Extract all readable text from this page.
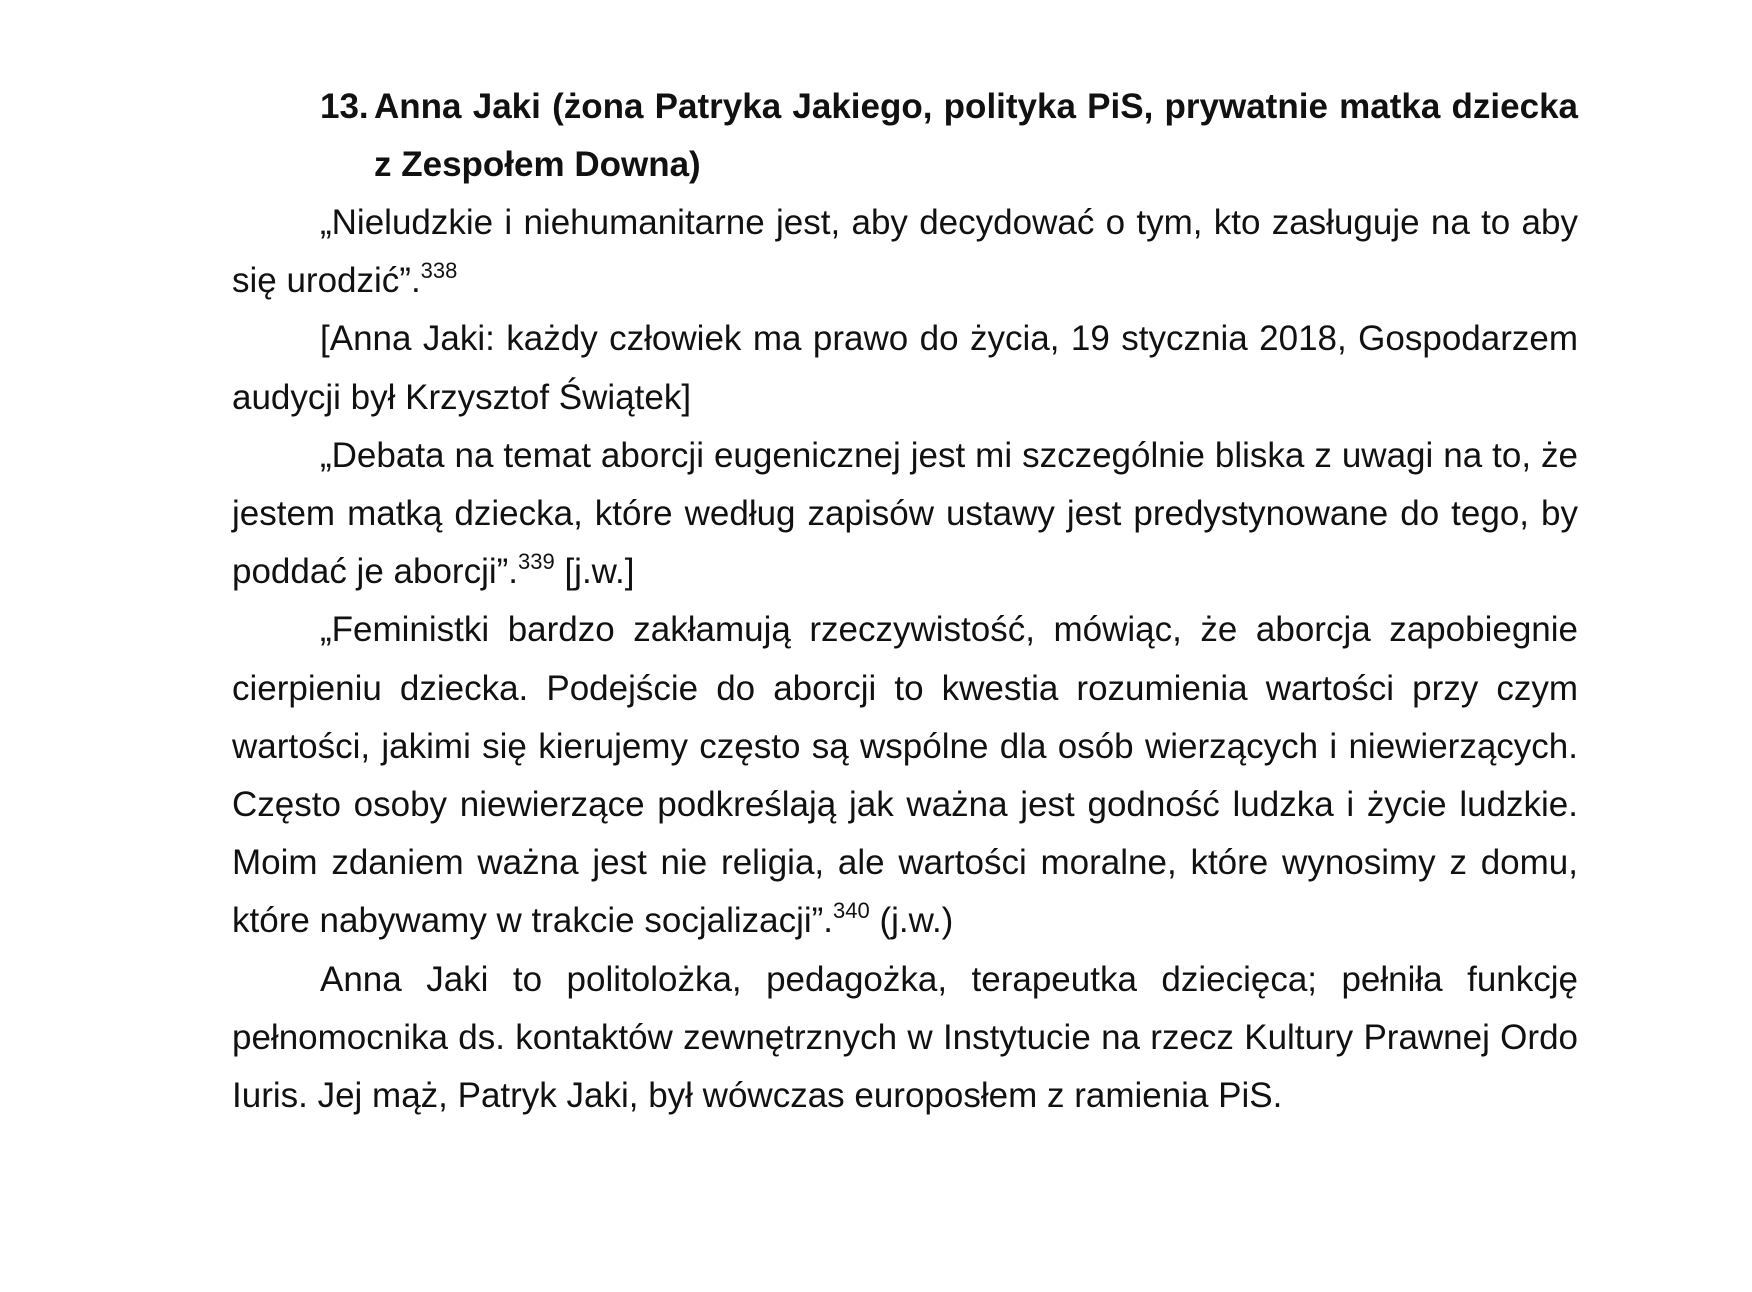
13. Anna Jaki (żona Patryka Jakiego, polityka PiS, prywatnie matka dziecka z Zespołem Downa)

„Nieludzkie i niehumanitarne jest, aby decydować o tym, kto zasługuje na to aby się urodzić”.$^{338}$

[Anna Jaki: każdy człowiek ma prawo do życia, 19 stycznia 2018, Gospodarzem audycji był Krzysztof Świątek]

„Debata na temat aborcji eugenicznej jest mi szczególnie bliska z uwagi na to, że jestem matką dziecka, które według zapisów ustawy jest predystynowane do tego, by poddać je aborcji”.$^{339}$ [j.w.]

„Feministki bardzo zakłamują rzeczywistość, mówiąc, że aborcja zapobiegnie cierpieniu dziecka. Podejście do aborcji to kwestia rozumienia wartości przy czym wartości, jakimi się kierujemy często są wspólne dla osób wierzących i niewierzących. Często osoby niewierzące podkreślają jak ważna jest godność ludzka i życie ludzkie. Moim zdaniem ważna jest nie religia, ale wartości moralne, które wynosimy z domu, które nabywamy w trakcie socjalizacji”.$^{340}$ (j.w.)

Anna Jaki to politolożka, pedagożka, terapeutka dziecięca; pełniła funkcję pełnomocnika ds. kontaktów zewnętrznych w Instytucie na rzecz Kultury Prawnej Ordo Iuris. Jej mąż, Patryk Jaki, był wówczas europosłem z ramienia PiS.
